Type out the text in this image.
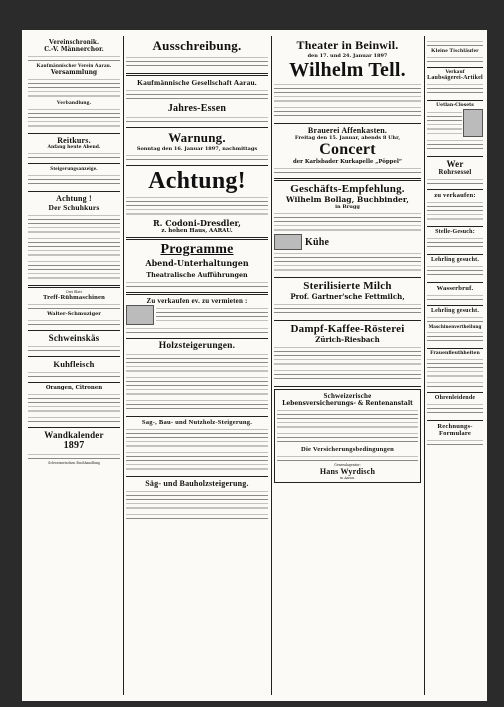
Vereinschronik.
C.-V. Männerchor.
Kaufmännischer Verein Aarau.
Versammlung
Verbandlung.
Reitkurs.
Anfang heute Abend.
Steigerungsanzeige.
Achtung !
Der Schuhkurs
Drei Blatt
Treff-Rühmaschinen
Walter-Schmuziger
Schweinskäs
Kuhfleisch
Orangen, Citronen
Wandkalender
1897
Schweizerischen Buchhandlung
Ausschreibung.
Kaufmännische Gesellschaft Aarau.
Jahres-Essen
Warnung.
Sonntag den 16. Januar 1897, nachmittags
Achtung!
R. Codoni-Dresdler,
z. hohen Haus, AARAU.
Programme
Abend-Unterhaltungen
Theatralische Aufführungen
Zu verkaufen ev. zu vermieten :
Holzsteigerungen.
Sag-, Bau- und Nutzholz-Steigerung.
Säg- und Bauholzsteigerung.
Theater in Beinwil.
den 17. und 24. Januar 1897
Wilhelm Tell.
Brauerei Affenkasten.
Freitag den 15. Januar, abends 8 Uhr,
Concert
der Karlsbader Kurkapelle „Pöppel“
Geschäfts-Empfehlung.
Wilhelm Bollag, Buchbinder,
in Brugg
Kühe
Sterilisierte Milch
Prof. Gartner'sche Fettmilch,
Dampf-Kaffee-Rösterei
Zürich-Riesbach
Schweizerische
Lebensversicherungs- & Rentenanstalt
Die Versicherungsbedingungen
Generalagentur:
Hans Wyrdisch
in Aarau.
Kleine Tischläufer
Verkauf
Laubsägerei-Artikel
Uetlan-Closets
Wer
Rohrsessel
zu verkaufen:
Stelle-Gesuch:
Lehrling gesucht.
Wasserbruf.
Lehrling gesucht.
Maschinenvertheilung
Frauenfleuthheiten
Ohrenleidende
Rechnungs-Formulare
